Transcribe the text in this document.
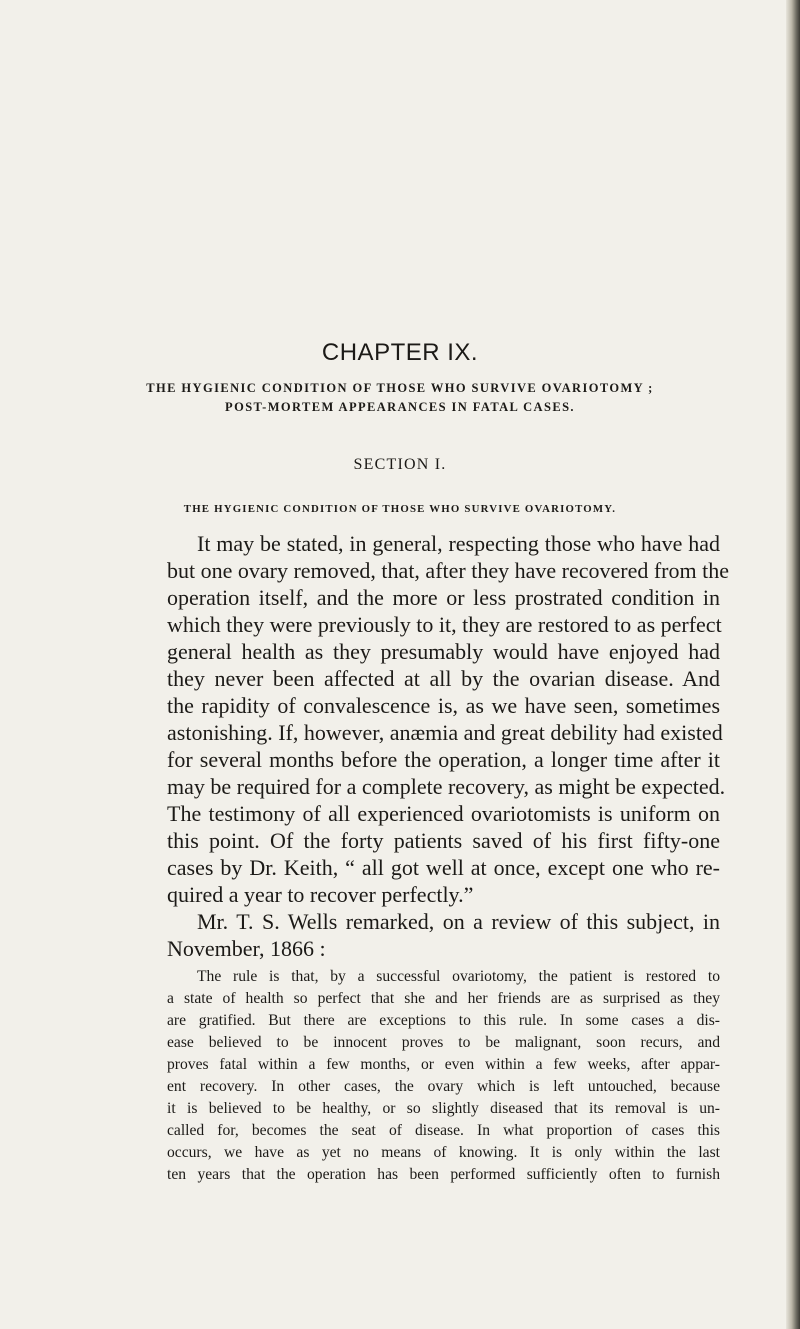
CHAPTER IX.
THE HYGIENIC CONDITION OF THOSE WHO SURVIVE OVARIOTOMY ;
POST-MORTEM APPEARANCES IN FATAL CASES.
SECTION I.
THE HYGIENIC CONDITION OF THOSE WHO SURVIVE OVARIOTOMY.
It may be stated, in general, respecting those who have had
but one ovary removed, that, after they have recovered from the
operation itself, and the more or less prostrated condition in
which they were previously to it, they are restored to as perfect
general health as they presumably would have enjoyed had
they never been affected at all by the ovarian disease. And
the rapidity of convalescence is, as we have seen, sometimes
astonishing. If, however, anæmia and great debility had existed
for several months before the operation, a longer time after it
may be required for a complete recovery, as might be expected.
The testimony of all experienced ovariotomists is uniform on
this point. Of the forty patients saved of his first fifty-one
cases by Dr. Keith, “ all got well at once, except one who re-
quired a year to recover perfectly.”
Mr. T. S. Wells remarked, on a review of this subject, in
November, 1866 :
The rule is that, by a successful ovariotomy, the patient is restored to
a state of health so perfect that she and her friends are as surprised as they
are gratified. But there are exceptions to this rule. In some cases a dis-
ease believed to be innocent proves to be malignant, soon recurs, and
proves fatal within a few months, or even within a few weeks, after appar-
ent recovery. In other cases, the ovary which is left untouched, because
it is believed to be healthy, or so slightly diseased that its removal is un-
called for, becomes the seat of disease. In what proportion of cases this
occurs, we have as yet no means of knowing. It is only within the last
ten years that the operation has been performed sufficiently often to furnish
